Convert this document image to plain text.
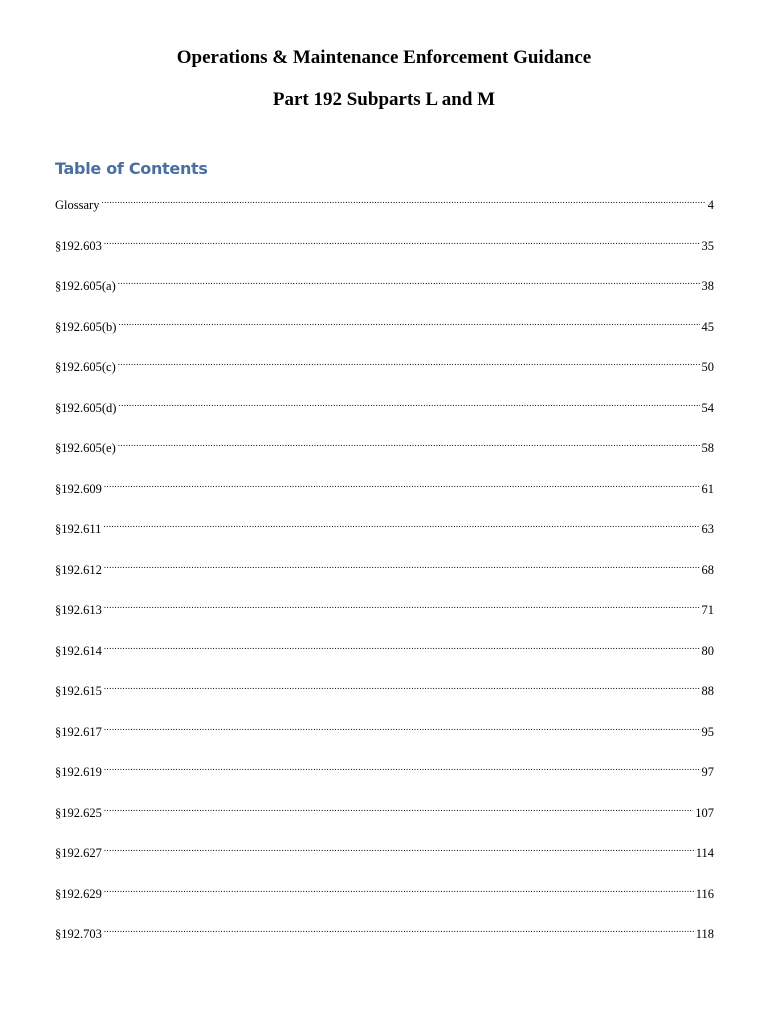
Operations & Maintenance Enforcement Guidance
Part 192 Subparts L and M
Table of Contents
Glossary .....	4
§192.603 .....	35
§192.605(a) .....	38
§192.605(b) .....	45
§192.605(c) .....	50
§192.605(d) .....	54
§192.605(e) .....	58
§192.609 .....	61
§192.611 .....	63
§192.612 .....	68
§192.613 .....	71
§192.614 .....	80
§192.615 .....	88
§192.617 .....	95
§192.619 .....	97
§192.625 .....	107
§192.627 .....	114
§192.629 .....	116
§192.703 .....	118
